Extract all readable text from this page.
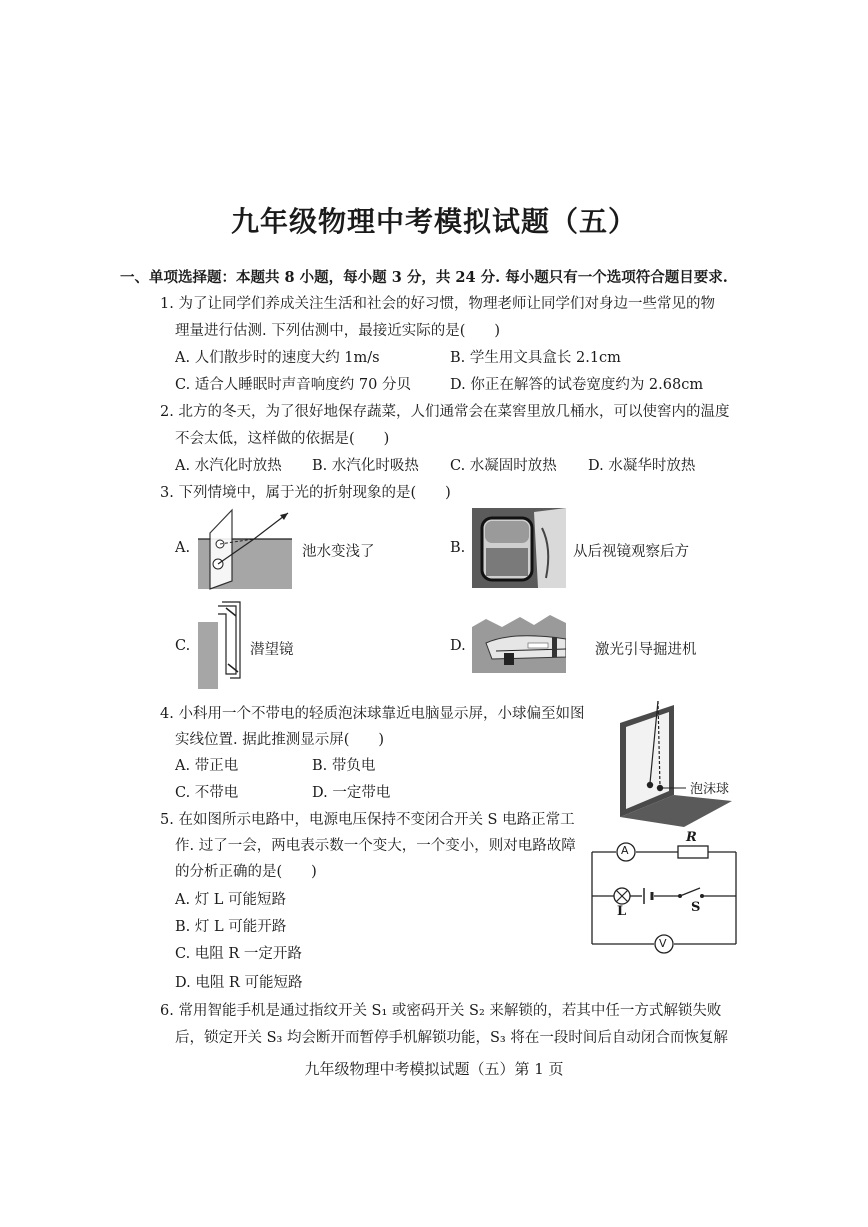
九年级物理中考模拟试题（五）
一、单项选择题：本题共 8 小题，每小题 3 分，共 24 分. 每小题只有一个选项符合题目要求.
1. 为了让同学们养成关注生活和社会的好习惯，物理老师让同学们对身边一些常见的物
理量进行估测. 下列估测中，最接近实际的是(　　)
A. 人们散步时的速度大约 1m/s	B. 学生用文具盒长 2.1cm
C. 适合人睡眠时声音响度约 70 分贝	D. 你正在解答的试卷宽度约为 2.68cm
2. 北方的冬天，为了很好地保存蔬菜，人们通常会在菜窖里放几桶水，可以使窖内的温度
不会太低，这样做的依据是(　　)
A. 水汽化时放热 B. 水汽化时吸热 C. 水凝固时放热 D. 水凝华时放热
3. 下列情境中，属于光的折射现象的是(　　)
A.	池水变浅了	B.	从后视镜观察后方
C.	潜望镜	D.	激光引导掘进机
4. 小科用一个不带电的轻质泡沫球靠近电脑显示屏，小球偏至如图
实线位置. 据此推测显示屏(　　)
A. 带正电	B. 带负电
C. 不带电	D. 一定带电	泡沫球
5. 在如图所示电路中，电源电压保持不变闭合开关 S 电路正常工
作. 过了一会，两电表示数一个变大，一个变小，则对电路故障
的分析正确的是(　　)
A. 灯 L 可能短路
B. 灯 L 可能开路
C. 电阻 R 一定开路
D. 电阻 R 可能短路
A
R
L	S
V
6. 常用智能手机是通过指纹开关 S₁ 或密码开关 S₂ 来解锁的，若其中任一方式解锁失败
后，锁定开关 S₃ 均会断开而暂停手机解锁功能，S₃ 将在一段时间后自动闭合而恢复解
九年级物理中考模拟试题（五）第 1 页
